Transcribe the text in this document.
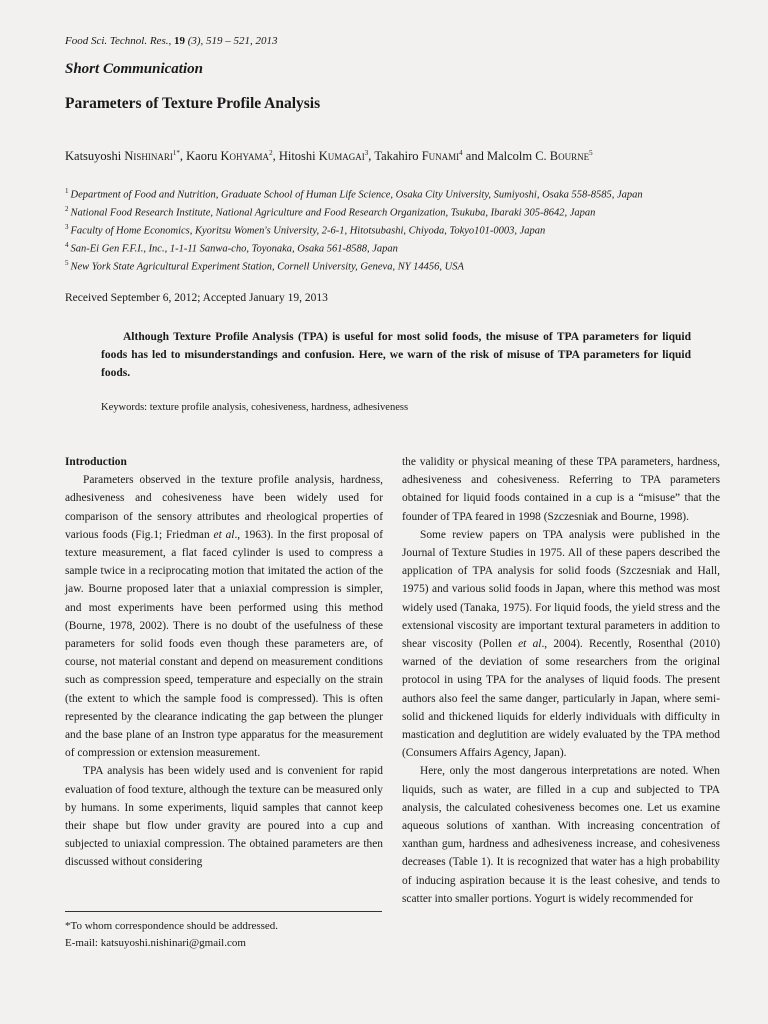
Food Sci. Technol. Res., 19 (3), 519 – 521, 2013
Short Communication
Parameters of Texture Profile Analysis
Katsuyoshi Nishinari$^{1*}$, Kaoru Kohyama$^2$, Hitoshi Kumagai$^3$, Takahiro Funami$^4$ and Malcolm C. Bourne$^5$
$^1$ Department of Food and Nutrition, Graduate School of Human Life Science, Osaka City University, Sumiyoshi, Osaka 558-8585, Japan
$^2$ National Food Research Institute, National Agriculture and Food Research Organization, Tsukuba, Ibaraki 305-8642, Japan
$^3$ Faculty of Home Economics, Kyoritsu Women's University, 2-6-1, Hitotsubashi, Chiyoda, Tokyo101-0003, Japan
$^4$ San-Ei Gen F.F.I., Inc., 1-1-11 Sanwa-cho, Toyonaka, Osaka 561-8588, Japan
$^5$ New York State Agricultural Experiment Station, Cornell University, Geneva, NY 14456, USA
Received September 6, 2012; Accepted January 19, 2013
Although Texture Profile Analysis (TPA) is useful for most solid foods, the misuse of TPA parameters for liquid foods has led to misunderstandings and confusion. Here, we warn of the risk of misuse of TPA parameters for liquid foods.
Keywords: texture profile analysis, cohesiveness, hardness, adhesiveness
Introduction

Parameters observed in the texture profile analysis, hardness, adhesiveness and cohesiveness have been widely used for comparison of the sensory attributes and rheological properties of various foods (Fig.1; Friedman et al., 1963). In the first proposal of texture measurement, a flat faced cylinder is used to compress a sample twice in a reciprocating motion that imitated the action of the jaw. Bourne proposed later that a uniaxial compression is simpler, and most experiments have been performed using this method (Bourne, 1978, 2002). There is no doubt of the usefulness of these parameters for solid foods even though these parameters are, of course, not material constant and depend on measurement conditions such as compression speed, temperature and especially on the strain (the extent to which the sample food is compressed). This is often represented by the clearance indicating the gap between the plunger and the base plane of an Instron type apparatus for the measurement of compression or extension measurement.

TPA analysis has been widely used and is convenient for rapid evaluation of food texture, although the texture can be measured only by humans. In some experiments, liquid samples that cannot keep their shape but flow under gravity are poured into a cup and subjected to uniaxial compression. The obtained parameters are then discussed without considering

the validity or physical meaning of these TPA parameters, hardness, adhesiveness and cohesiveness. Referring to TPA parameters obtained for liquid foods contained in a cup is a “misuse” that the founder of TPA feared in 1998 (Szczesniak and Bourne, 1998).

Some review papers on TPA analysis were published in the Journal of Texture Studies in 1975. All of these papers described the application of TPA analysis for solid foods (Szczesniak and Hall, 1975) and various solid foods in Japan, where this method was most widely used (Tanaka, 1975). For liquid foods, the yield stress and the extensional viscosity are important textural parameters in addition to shear viscosity (Pollen et al., 2004). Recently, Rosenthal (2010) warned of the deviation of some researchers from the original protocol in using TPA for the analyses of liquid foods. The present authors also feel the same danger, particularly in Japan, where semi-solid and thickened liquids for elderly individuals with difficulty in mastication and deglutition are widely evaluated by the TPA method (Consumers Affairs Agency, Japan).

Here, only the most dangerous interpretations are noted. When liquids, such as water, are filled in a cup and subjected to TPA analysis, the calculated cohesiveness becomes one. Let us examine aqueous solutions of xanthan. With increasing concentration of xanthan gum, hardness and adhesiveness increase, and cohesiveness decreases (Table 1). It is recognized that water has a high probability of inducing aspiration because it is the least cohesive, and tends to scatter into smaller portions. Yogurt is widely recommended for

*To whom correspondence should be addressed.
E-mail: katsuyoshi.nishinari@gmail.com
